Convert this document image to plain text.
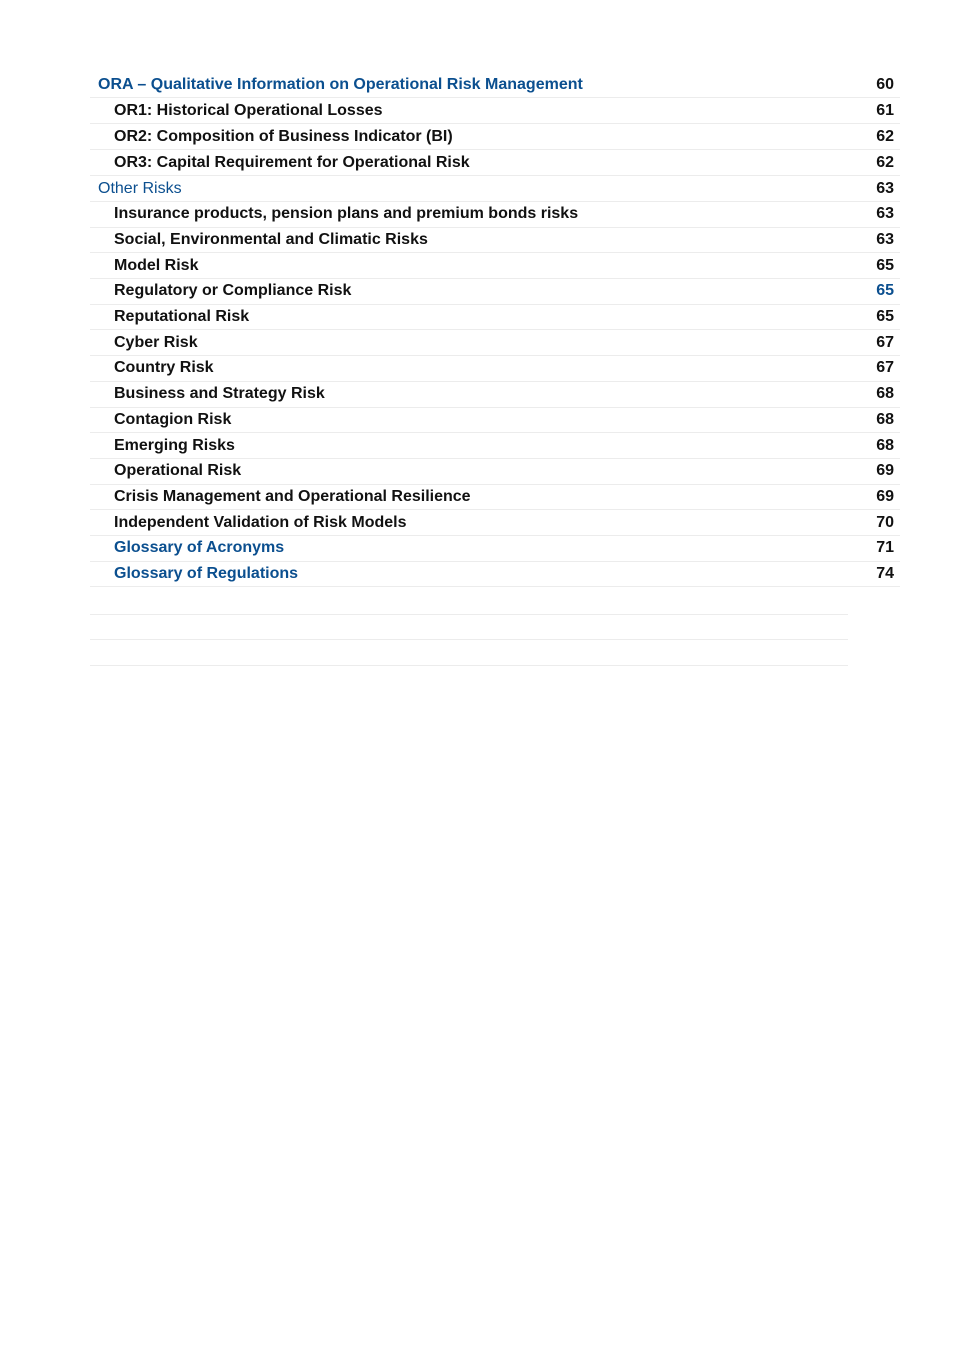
ORA – Qualitative Information on Operational Risk Management	60
OR1: Historical Operational Losses	61
OR2: Composition of Business Indicator (BI)	62
OR3: Capital Requirement for Operational Risk	62
Other Risks	63
Insurance products, pension plans and premium bonds risks	63
Social, Environmental and Climatic Risks	63
Model Risk	65
Regulatory or Compliance Risk	65
Reputational Risk	65
Cyber Risk	67
Country Risk	67
Business and Strategy Risk	68
Contagion Risk	68
Emerging Risks	68
Operational Risk	69
Crisis Management and Operational Resilience	69
Independent Validation of Risk Models	70
Glossary of Acronyms	71
Glossary of Regulations	74
